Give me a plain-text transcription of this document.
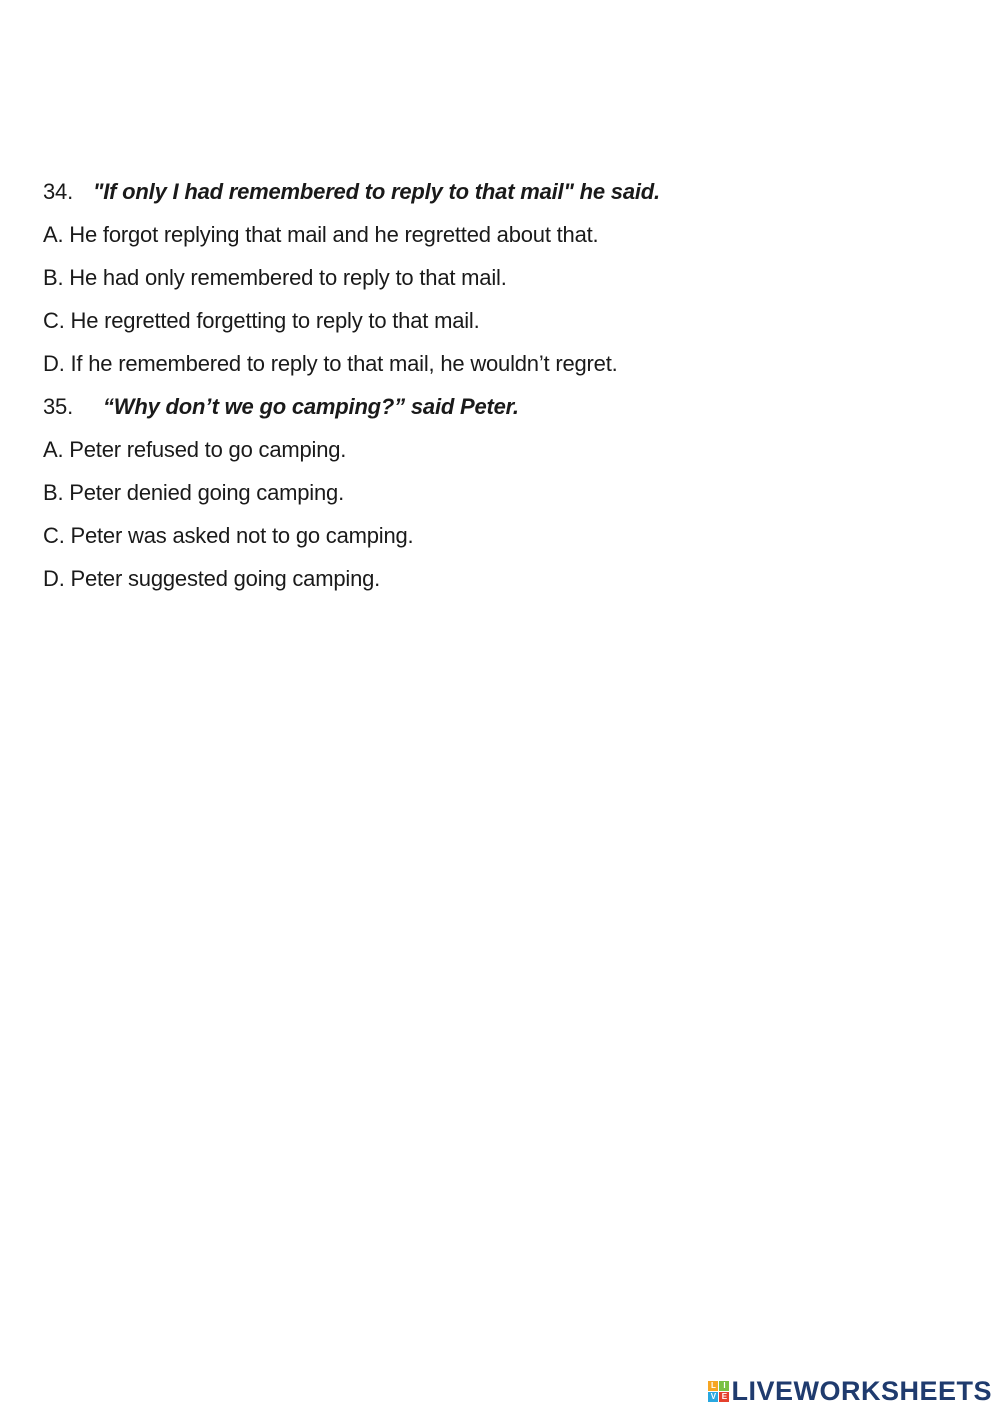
34. "If only I had remembered to reply to that mail" he said.
A. He forgot replying that mail and he regretted about that.
B. He had only remembered to reply to that mail.
C. He regretted forgetting to reply to that mail.
D. If he remembered to reply to that mail, he wouldn’t regret.
35. “Why don’t we go camping?” said Peter.
A. Peter refused to go camping.
B. Peter denied going camping.
C. Peter was asked not to go camping.
D. Peter suggested going camping.
L I
V E LIVEWORKSHEETS
